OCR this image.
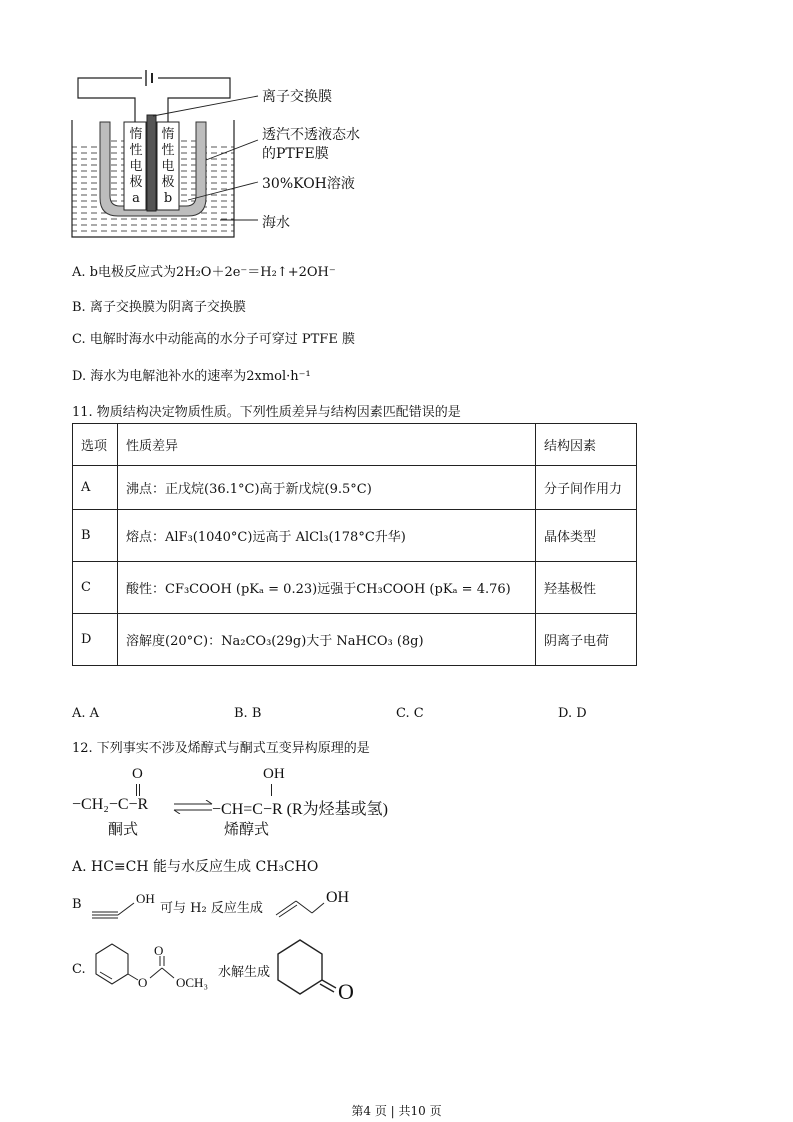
惰
性
电
极
a
惰
性
电
极
b
离子交换膜
透汽不透液态水
的PTFE膜
30%KOH溶液
海水
A. b电极反应式为2H₂O＋2e⁻＝H₂↑+2OH⁻
B. 离子交换膜为阴离子交换膜
C. 电解时海水中动能高的水分子可穿过 PTFE 膜
D. 海水为电解池补水的速率为2xmol·h⁻¹
11. 物质结构决定物质性质。下列性质差异与结构因素匹配错误的是
选项	性质差异	结构因素
A	沸点：正戊烷(36.1°C)高于新戊烷(9.5°C)	分子间作用力
B	熔点：AlF₃(1040°C)远高于 AlCl₃(178°C升华)	晶体类型
C	酸性：CF₃COOH (pKₐ = 0.23)远强于CH₃COOH (pKₐ = 4.76)	羟基极性
D	溶解度(20°C)：Na₂CO₃(29g)大于 NaHCO₃ (8g)	阴离子电荷
A. A	B. B	C. C	D. D
12. 下列事实不涉及烯醇式与酮式互变异构原理的是
O
−CH₂−C−R ⇌
OH
−CH=C−R (R为烃基或氢)
酮式	烯醇式
A. HC≡CH 能与水反应生成 CH₃CHO
B	OH
可与 H₂ 反应生成
OH
C.
O
O OCH₃
水解生成
O
第4 页 | 共10 页
